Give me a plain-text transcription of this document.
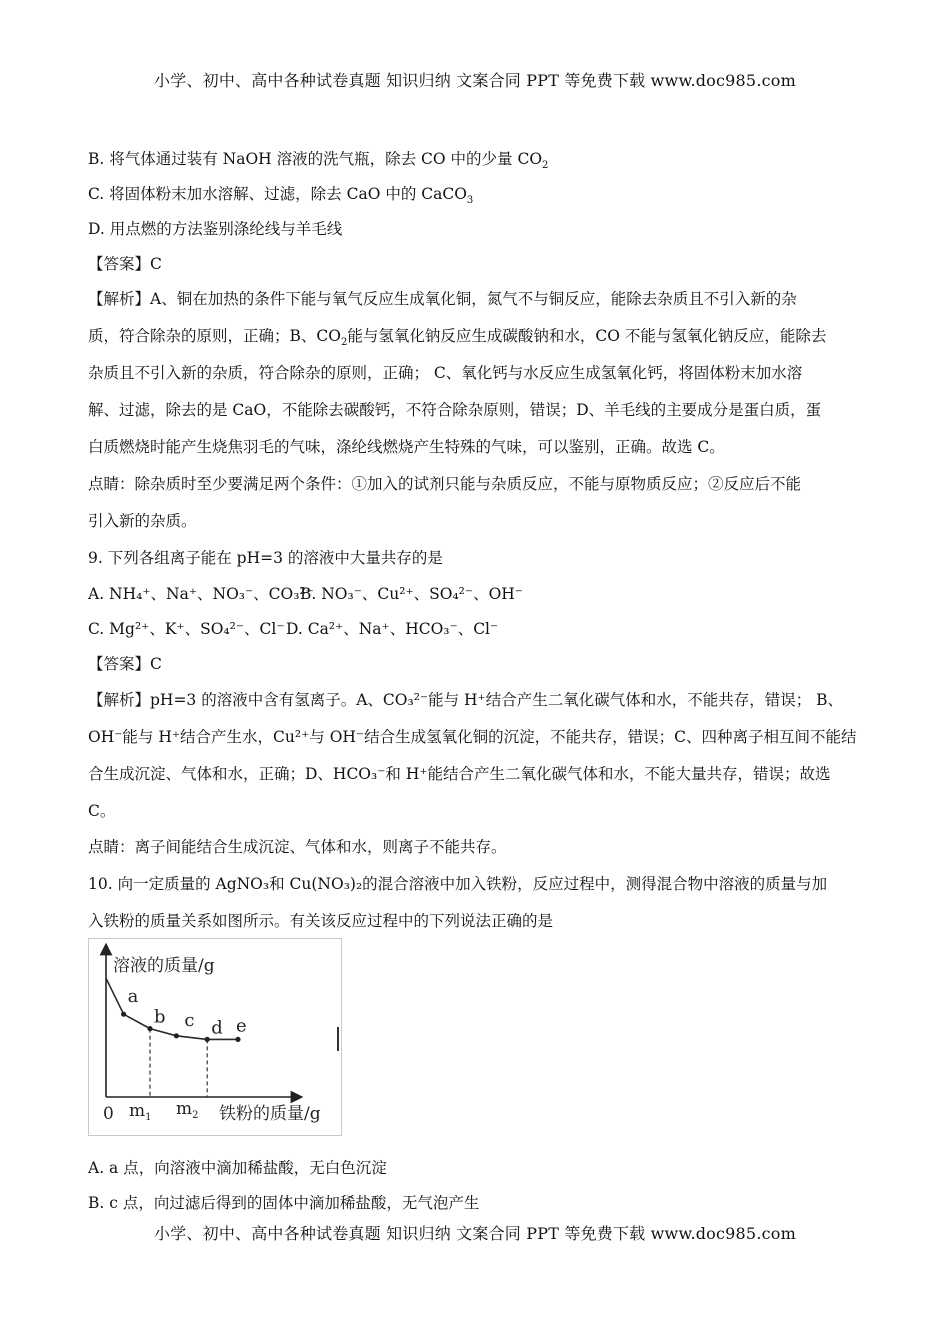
小学、初中、高中各种试卷真题 知识归纳 文案合同 PPT 等免费下载 www.doc985.com
B. 将气体通过装有 NaOH 溶液的洗气瓶，除去 CO 中的少量 $CO_2$
C. 将固体粉末加水溶解、过滤，除去 CaO 中的 CaCO$_3$
D. 用点燃的方法鉴别涤纶线与羊毛线
【答案】C
【解析】A、铜在加热的条件下能与氧气反应生成氧化铜，氮气不与铜反应，能除去杂质且不引入新的杂
质，符合除杂的原则，正确；B、$CO_2$能与氢氧化钠反应生成碳酸钠和水，CO 不能与氢氧化钠反应，能除去
杂质且不引入新的杂质，符合除杂的原则，正确； C、氧化钙与水反应生成氢氧化钙，将固体粉末加水溶
解、过滤，除去的是 CaO，不能除去碳酸钙，不符合除杂原则，错误；D、羊毛线的主要成分是蛋白质，蛋
白质燃烧时能产生烧焦羽毛的气味，涤纶线燃烧产生特殊的气味，可以鉴别，正确。故选 C。
点睛：除杂质时至少要满足两个条件：①加入的试剂只能与杂质反应，不能与原物质反应；②反应后不能
引入新的杂质。
9. 下列各组离子能在 pH=3 的溶液中大量共存的是
A. NH₄⁺、Na⁺、NO₃⁻、CO₃²⁻
B. NO₃⁻、Cu²⁺、SO₄²⁻、OH⁻
C. Mg²⁺、K⁺、SO₄²⁻、Cl⁻ D. Ca²⁺、Na⁺、HCO₃⁻、Cl⁻
【答案】C
【解析】pH=3 的溶液中含有氢离子。A、CO₃²⁻能与 H⁺结合产生二氧化碳气体和水，不能共存，错误； B、
OH⁻能与 H⁺结合产生水，Cu²⁺与 OH⁻结合生成氢氧化铜的沉淀，不能共存，错误；C、四种离子相互间不能结
合生成沉淀、气体和水，正确；D、HCO₃⁻和 H⁺能结合产生二氧化碳气体和水，不能大量共存，错误；故选
C。
点睛：离子间能结合生成沉淀、气体和水，则离子不能共存。
10. 向一定质量的 AgNO₃和 Cu(NO₃)₂的混合溶液中加入铁粉，反应过程中，测得混合物中溶液的质量与加
入铁粉的质量关系如图所示。有关该反应过程中的下列说法正确的是
溶液的质量/g
铁粉的质量/g
0 $m_1$ $m_2$
a
b c d e
A. a 点，向溶液中滴加稀盐酸，无白色沉淀
B. c 点，向过滤后得到的固体中滴加稀盐酸，无气泡产生
小学、初中、高中各种试卷真题 知识归纳 文案合同 PPT 等免费下载 www.doc985.com
